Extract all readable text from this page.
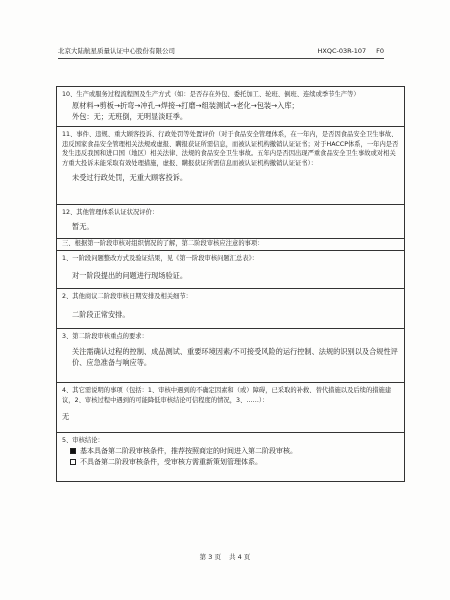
北京大陆航星质量认证中心股份有限公司	HXQC-03R-107 F0
10、生产或服务过程流程图及生产方式（如：是否存在外包、委托加工、轮班、倒班、连续或季节生产等）
原材料→剪板→折弯→冲孔→焊接→打磨→组装测试→老化→包装→入库；
外包：无；无班倒，无明显淡旺季。
11、事件、违规、重大顾客投诉、行政处罚等处置评价（对于食品安全管理体系，在一年内，是否因食品安全卫生事故、违反国家食品安全管理相关法规或虚报、瞒报获证所需信息，而被认证机构撤销认证证书；对于HACCP体系，一年内是否发生违反我国和进口国（地区）相关法律、法规的食品安全卫生事故。五年内是否因出现严重食品安全卫生事故或对相关方重大投诉未能采取有效处理措施，虚报、瞒报获证所需信息而被认证机构撤销认证证书）：
未受过行政处罚，无重大顾客投诉。
12、其他管理体系认证状况评价：
暂无。
三、根据第一阶段审核对组织情况的了解，第二阶段审核应注意的事项：
1、一阶段问题整改方式及验证结果，见《第一阶段审核问题汇总表》：
对一阶段提出的问题进行现场验证。
2、其他商议二阶段审核日期安排及相关细节：
二阶段正常安排。
3、第二阶段审核重点的要求：
关注需确认过程的控制、成品测试、重要环境因素/不可接受风险的运行控制、法规的识别以及合规性评价、应急准备与响应等。
4、其它需说明的事项（包括：1、审核中遇到的不确定因素和（或）障碍，已采取的补救、替代措施以及后续的措施建议，2、审核过程中遇到的可能降低审核结论可信程度的情况，3、……）：
无
5、审核结论：
基本具备第二阶段审核条件，推荐按照商定的时间进入第二阶段审核。
不具备第二阶段审核条件，受审核方需重新策划管理体系。
第 3 页 共 4 页
